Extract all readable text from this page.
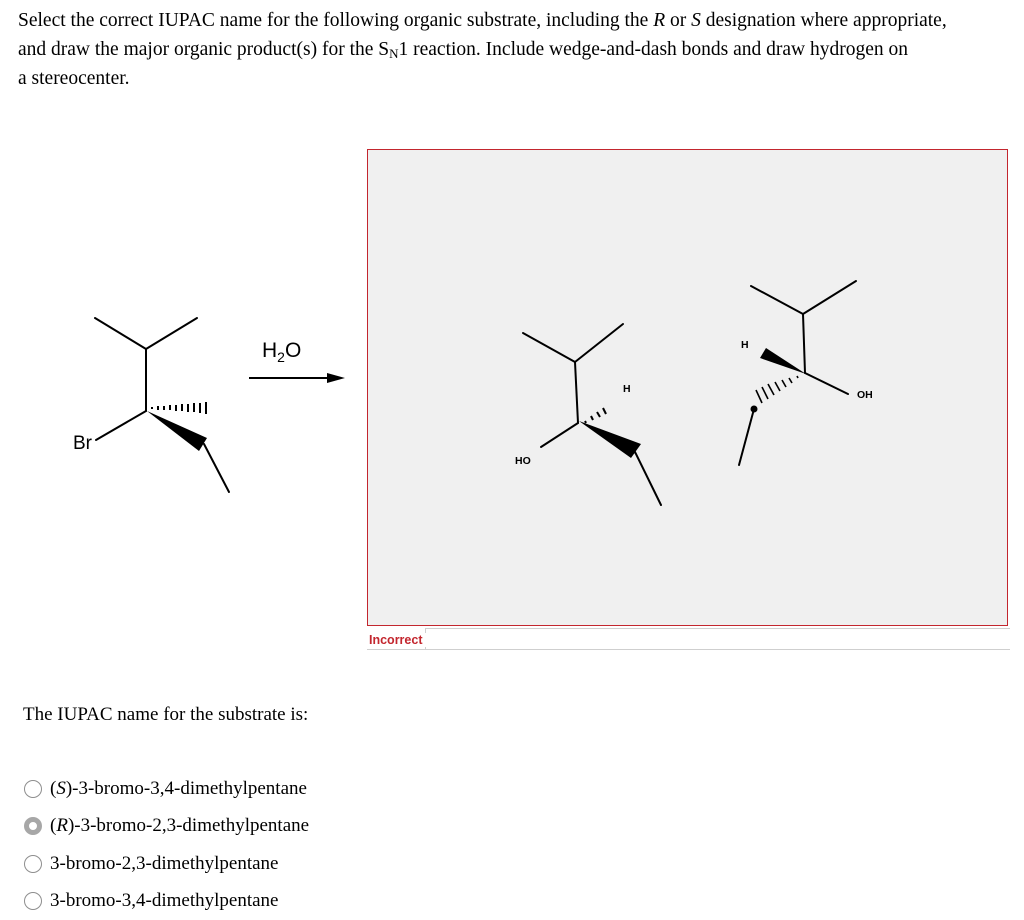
Select the correct IUPAC name for the following organic substrate, including the R or S designation where appropriate,
and draw the major organic product(s) for the $S_N1$ reaction. Include wedge-and-dash bonds and draw hydrogen on
a stereocenter.
Br
$H_2O$
H
HO
H
OH
Incorrect
The IUPAC name for the substrate is:
(S)-3-bromo-3,4-dimethylpentane
(R)-3-bromo-2,3-dimethylpentane
3-bromo-2,3-dimethylpentane
3-bromo-3,4-dimethylpentane
